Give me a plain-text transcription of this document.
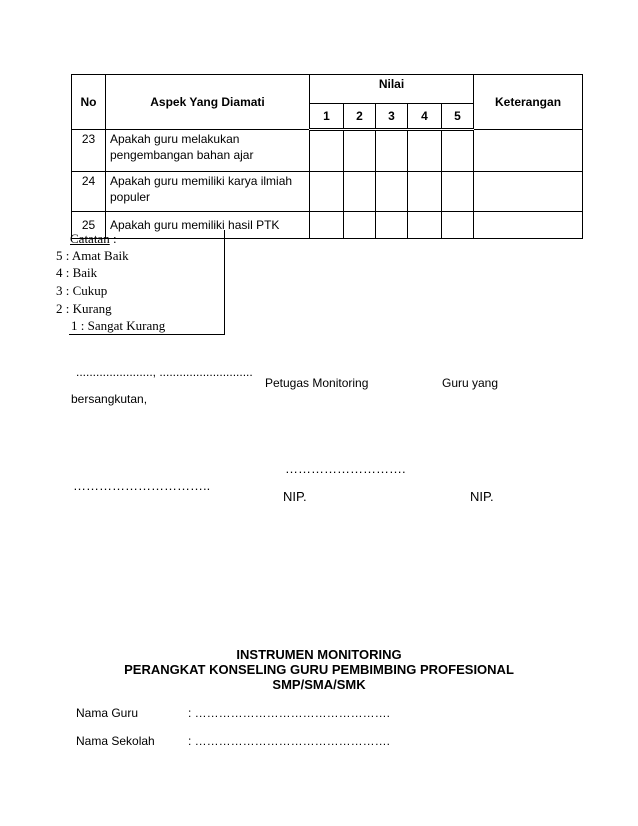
No	Aspek Yang Diamati	Nilai					Keterangan
		1	2	3	4	5	
23	Apakah guru melakukan
pengembangan bahan ajar						

24	Apakah guru memiliki karya ilmiah
populer						

25	Apakah guru memiliki hasil PTK						

Catatan :
5 : Amat Baik
4 : Baik
3 : Cukup
2 : Kurang
1 : Sangat Kurang
......................., ............................
Petugas Monitoring	Guru yang
bersangkutan,
……………………….
…………………………..
NIP.	NIP.
INSTRUMEN MONITORING
PERANGKAT KONSELING GURU PEMBIMBING PROFESIONAL
SMP/SMA/SMK
Nama Guru	: ………………………………………….
Nama Sekolah	: ………………………………………….
